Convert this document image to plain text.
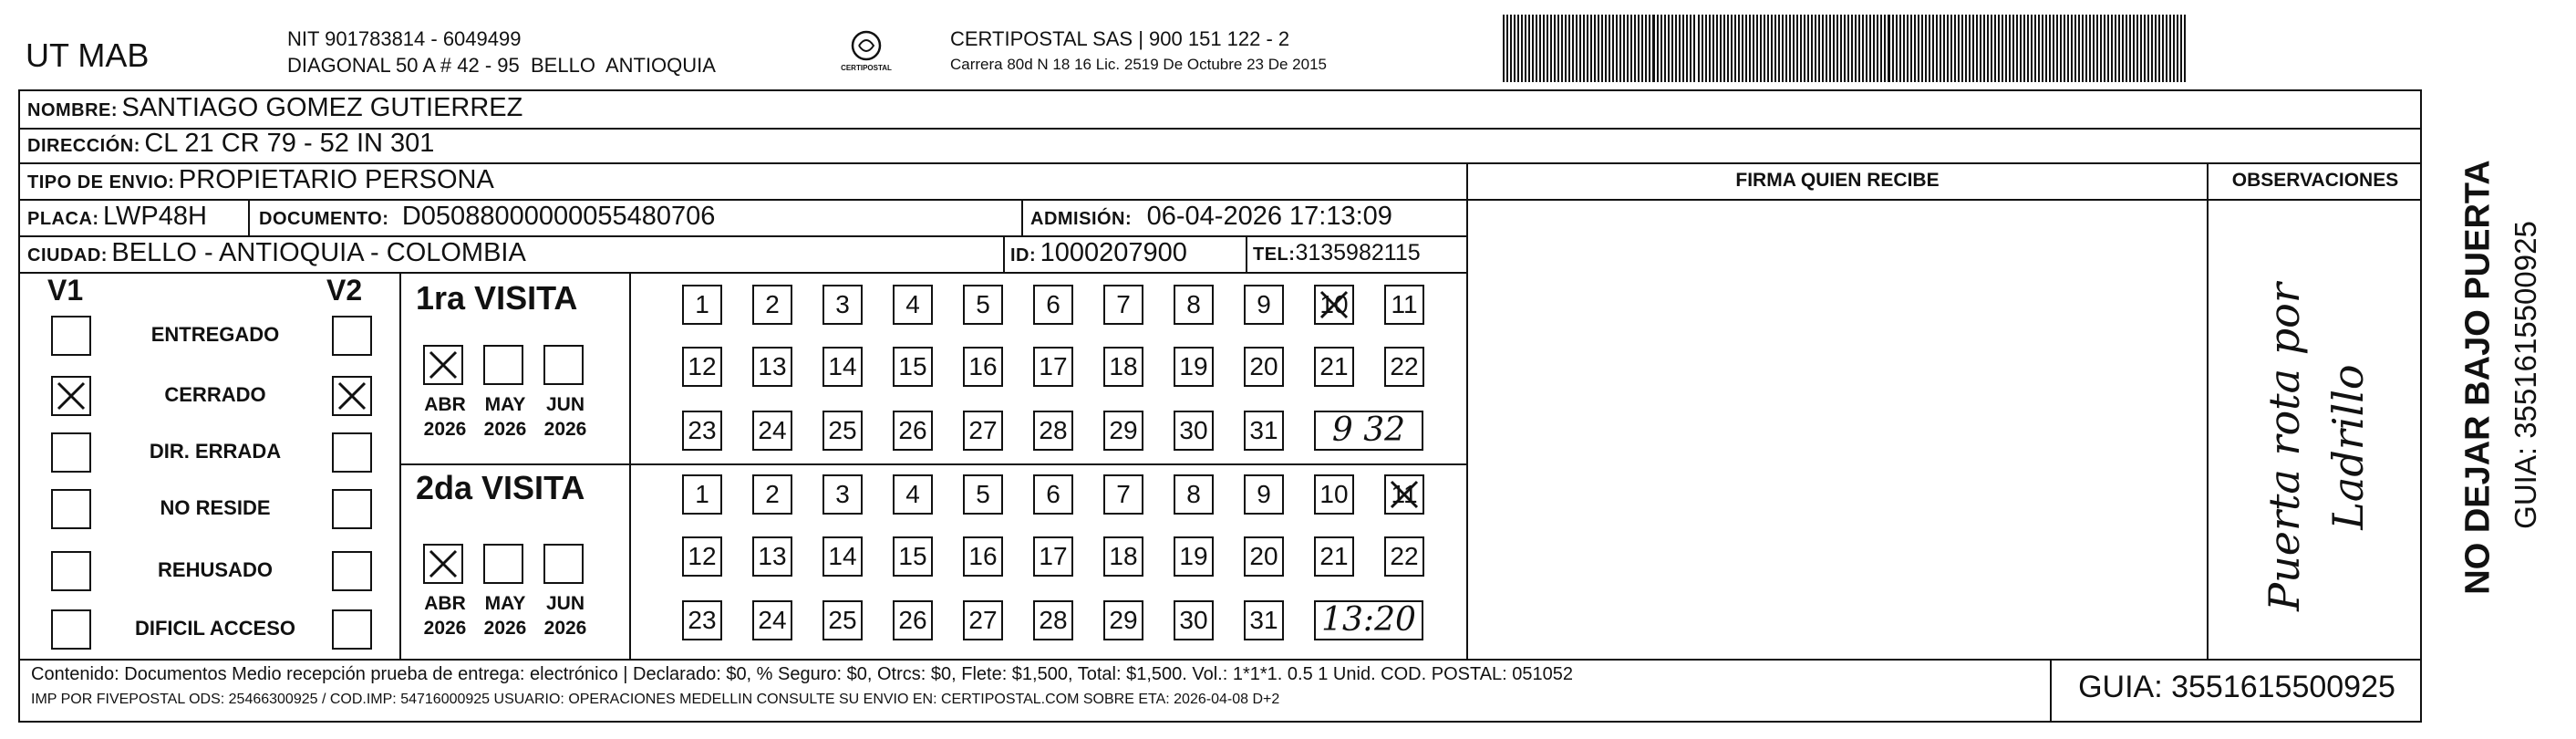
UT MAB	NIT 901783814 - 6049499
DIAGONAL 50 A # 42 - 95  BELLO  ANTIOQUIA	CERTIPOSTAL
CERTIPOSTAL SAS | 900 151 122 - 2
Carrera 80d N 18 16 Lic. 2519 De Octubre 23 De 2015
NOMBRE: SANTIAGO GOMEZ GUTIERREZ
DIRECCIÓN: CL 21 CR 79 - 52 IN 301
TIPO DE ENVIO: PROPIETARIO PERSONA	FIRMA QUIEN RECIBE	OBSERVACIONES
PLACA: LWP48H	DOCUMENTO: D05088000000055480706	ADMISIÓN: 06-04-2026 17:13:09
CIUDAD: BELLO - ANTIOQUIA - COLOMBIA	ID: 1000207900	TEL:3135982115
V1	V2
ENTREGADO
CERRADO
DIR. ERRADA
NO RESIDE
REHUSADO
DIFICIL ACCESO
1ra VISITA
2da VISITA
ABR
2026
MAY
2026
JUN
2026
ABR
2026
MAY
2026
JUN
2026
1	2	3	4	5	6	7	8	9	10 11
12 13 14 15 16 17 18 19 20 21 22
23 24 25 26 27 28 29 30 31	9 32
1	2	3	4	5	6	7	8	9	10 11
12 13 14 15 16 17 18 19 20 21 22
23 24 25 26 27 28 29 30 31 13:20
Puerta rota por Ladrillo NO DEJAR BAJO PUERTA GUIA: 3551615500925
Contenido: Documentos Medio recepción prueba de entrega: electrónico | Declarado: $0, % Seguro: $0, Otrcs: $0, Flete: $1,500, Total: $1,500. Vol.: 1*1*1. 0.5 1 Unid. COD. POSTAL: 051052
IMP POR FIVEPOSTAL ODS: 25466300925 / COD.IMP: 54716000925 USUARIO: OPERACIONES MEDELLIN CONSULTE SU ENVIO EN: CERTIPOSTAL.COM SOBRE ETA: 2026-04-08 D+2	GUIA: 3551615500925
